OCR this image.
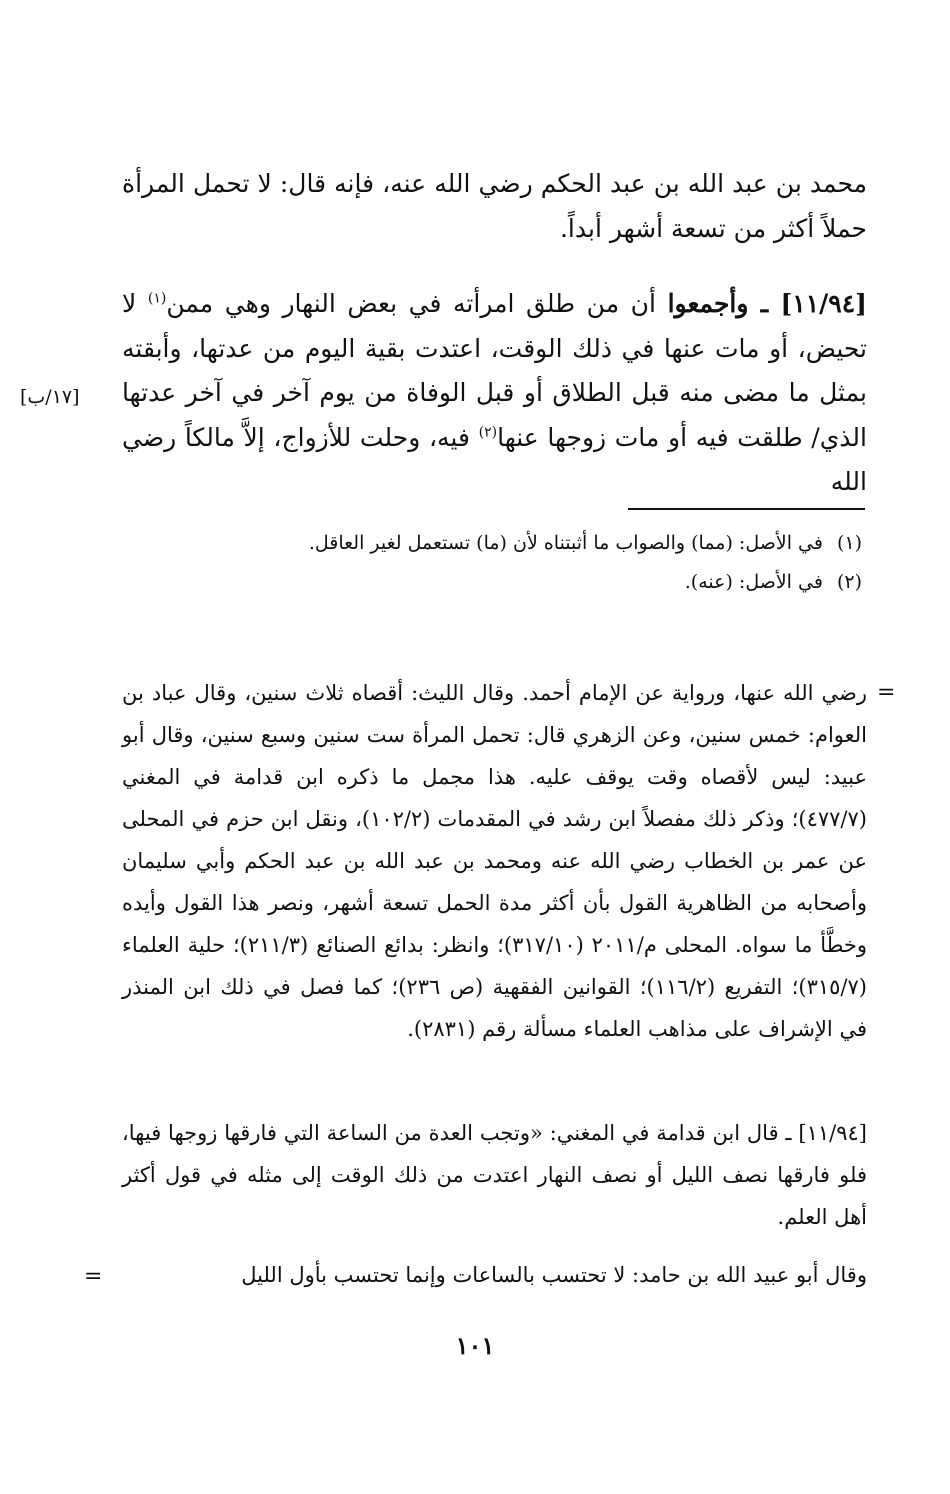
محمد بن عبد الله بن عبد الحكم رضي الله عنه، فإنه قال: لا تحمل المرأة حملاً أكثر من تسعة أشهر أبداً.

[١١/٩٤] ـ وأجمعوا أن من طلق امرأته في بعض النهار وهي ممن$^{(١)}$ لا تحيض، أو مات عنها في ذلك الوقت، اعتدت بقية اليوم من عدتها، وأبقته بمثل ما مضى منه قبل الطلاق أو قبل الوفاة من يوم آخر في آخر عدتها الذي/ طلقت فيه أو مات زوجها عنها$^{(٢)}$ فيه، وحلت للأزواج، إلاَّ مالكاً رضي الله

[١٧/ب]
(١)في الأصل: (مما) والصواب ما أثبتناه لأن (ما) تستعمل لغير العاقل.
(٢)في الأصل: (عنه).
=

رضي الله عنها، ورواية عن الإمام أحمد. وقال الليث: أقصاه ثلاث سنين، وقال عباد بن العوام: خمس سنين، وعن الزهري قال: تحمل المرأة ست سنين وسبع سنين، وقال أبو عبيد: ليس لأقصاه وقت يوقف عليه. هذا مجمل ما ذكره ابن قدامة في المغني (٤٧٧/٧)؛ وذكر ذلك مفصلاً ابن رشد في المقدمات (١٠٢/٢)، ونقل ابن حزم في المحلى عن عمر بن الخطاب رضي الله عنه ومحمد بن عبد الله بن عبد الحكم وأبي سليمان وأصحابه من الظاهرية القول بأن أكثر مدة الحمل تسعة أشهر، ونصر هذا القول وأيده وخطَّأ ما سواه. المحلى م/٢٠١١ (٣١٧/١٠)؛ وانظر: بدائع الصنائع (٢١١/٣)؛ حلية العلماء (٣١٥/٧)؛ التفريع (١١٦/٢)؛ القوانين الفقهية (ص ٢٣٦)؛ كما فصل في ذلك ابن المنذر في الإشراف على مذاهب العلماء مسألة رقم (٢٨٣١).

[١١/٩٤] ـ قال ابن قدامة في المغني: «وتجب العدة من الساعة التي فارقها زوجها فيها، فلو فارقها نصف الليل أو نصف النهار اعتدت من ذلك الوقت إلى مثله في قول أكثر أهل العلم.

وقال أبو عبيد الله بن حامد: لا تحتسب بالساعات وإنما تحتسب بأول الليل

=
١٠١
